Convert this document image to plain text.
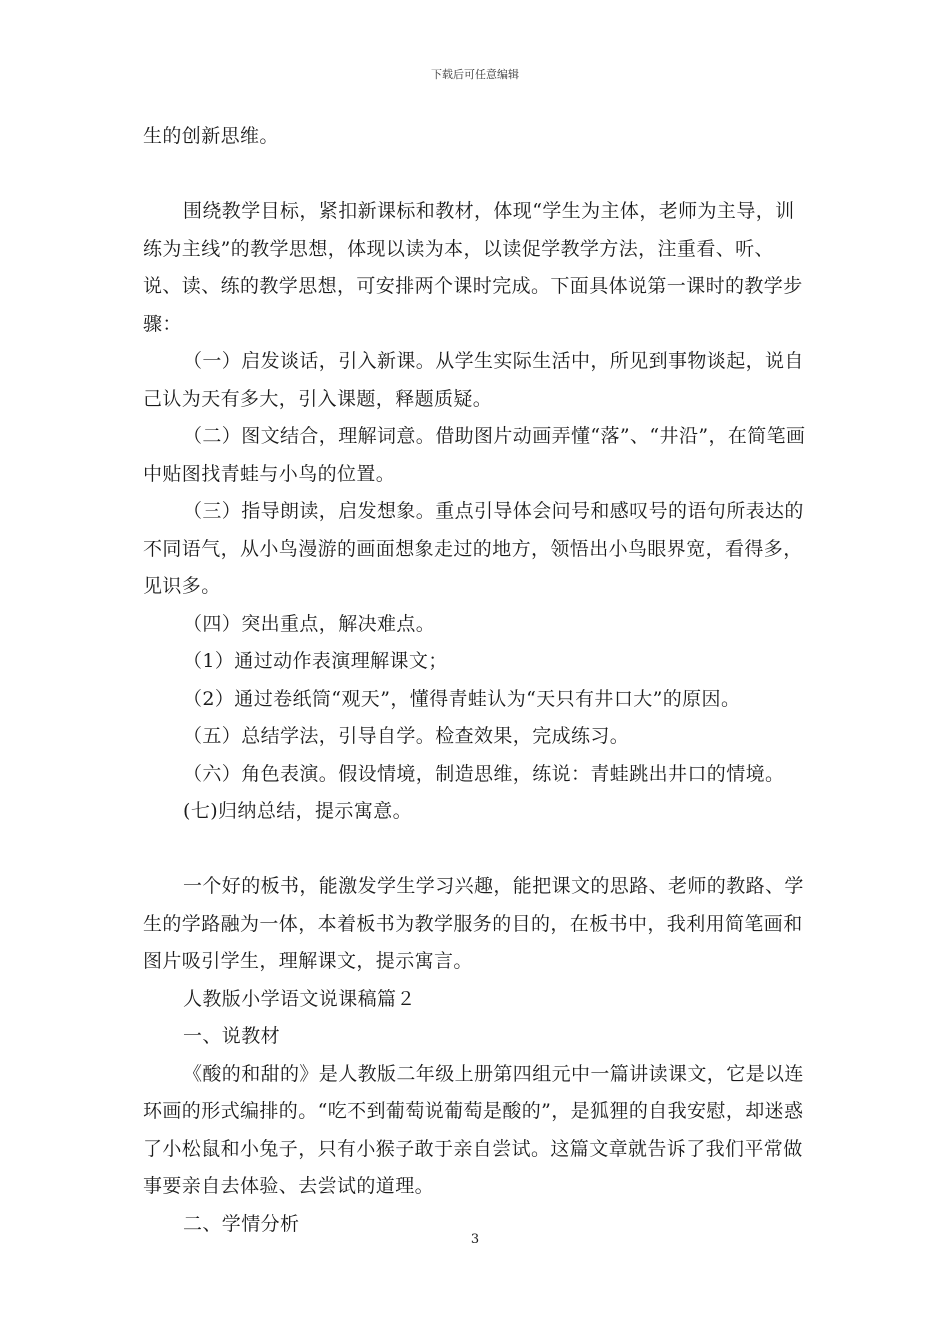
下载后可任意编辑

生的创新思维。

围绕教学目标，紧扣新课标和教材，体现“学生为主体，老师为主导，训练为主线”的教学思想，体现以读为本，以读促学教学方法，注重看、听、说、读、练的教学思想，可安排两个课时完成。下面具体说第一课时的教学步骤：

（一）启发谈话，引入新课。从学生实际生活中，所见到事物谈起，说自己认为天有多大，引入课题，释题质疑。

（二）图文结合，理解词意。借助图片动画弄懂“落”、“井沿”，在简笔画中贴图找青蛙与小鸟的位置。

（三）指导朗读，启发想象。重点引导体会问号和感叹号的语句所表达的不同语气，从小鸟漫游的画面想象走过的地方，领悟出小鸟眼界宽，看得多，见识多。

（四）突出重点，解决难点。

（1）通过动作表演理解课文；

（2）通过卷纸筒“观天”，懂得青蛙认为“天只有井口大”的原因。

（五）总结学法，引导自学。检查效果，完成练习。

（六）角色表演。假设情境，制造思维，练说：青蛙跳出井口的情境。

(七)归纳总结，提示寓意。

一个好的板书，能激发学生学习兴趣，能把课文的思路、老师的教路、学生的学路融为一体，本着板书为教学服务的目的，在板书中，我利用简笔画和图片吸引学生，理解课文，提示寓言。

人教版小学语文说课稿篇２

一、说教材

《酸的和甜的》是人教版二年级上册第四组元中一篇讲读课文，它是以连环画的形式编排的。“吃不到葡萄说葡萄是酸的”，是狐狸的自我安慰，却迷惑了小松鼠和小兔子，只有小猴子敢于亲自尝试。这篇文章就告诉了我们平常做事要亲自去体验、去尝试的道理。

二、学情分析

3
